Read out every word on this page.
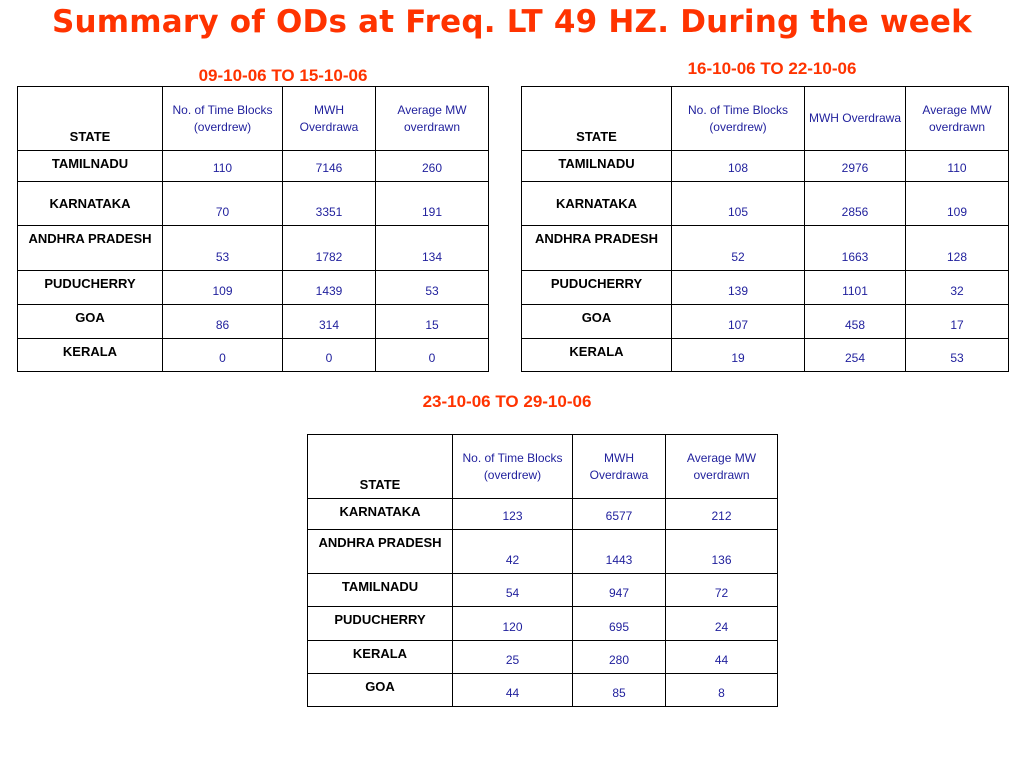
Summary of ODs at Freq. LT 49 HZ. During the week
09-10-06 TO 15-10-06
STATE	No. of Time Blocks (overdrew)	MWH Overdrawa	Average MW overdrawn
TAMILNADU	110	7146	260
KARNATAKA	70	3351	191
ANDHRA PRADESH	53	1782	134
PUDUCHERRY	109	1439	53
GOA	86	314	15
KERALA	0	0	0
16-10-06 TO 22-10-06
STATE	No. of Time Blocks (overdrew)	MWH Overdrawa	Average MW overdrawn
TAMILNADU	108	2976	110
KARNATAKA	105	2856	109
ANDHRA PRADESH	52	1663	128
PUDUCHERRY	139	1101	32
GOA	107	458	17
KERALA	19	254	53
23-10-06 TO 29-10-06
STATE	No. of Time Blocks (overdrew)	MWH Overdrawa	Average MW overdrawn
KARNATAKA	123	6577	212
ANDHRA PRADESH	42	1443	136
TAMILNADU	54	947	72
PUDUCHERRY	120	695	24
KERALA	25	280	44
GOA	44	85	8
